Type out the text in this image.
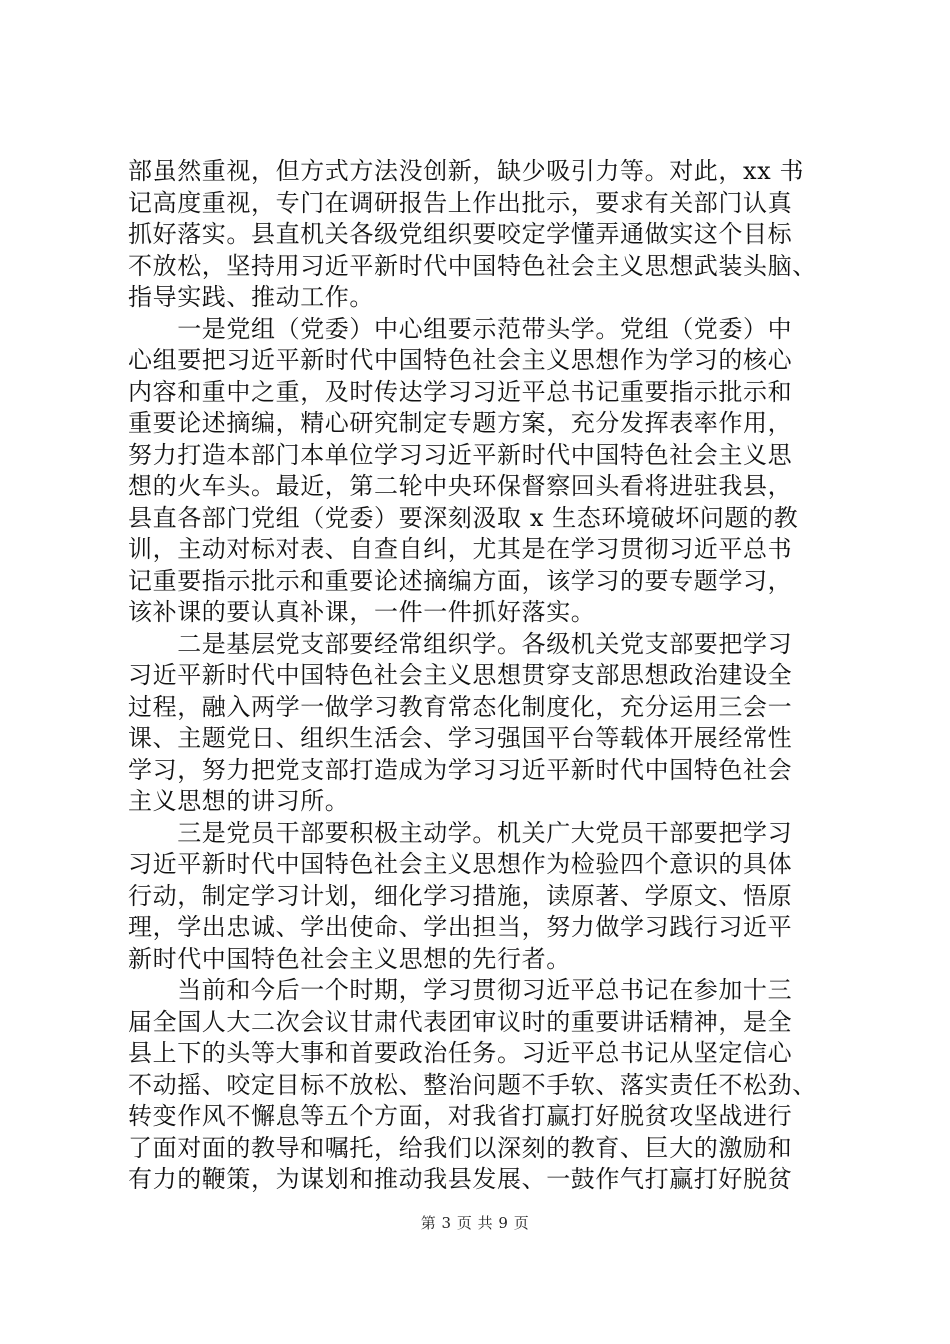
部虽然重视，但方式方法没创新，缺少吸引力等。对此，xx 书
记高度重视，专门在调研报告上作出批示，要求有关部门认真
抓好落实。县直机关各级党组织要咬定学懂弄通做实这个目标
不放松，坚持用习近平新时代中国特色社会主义思想武装头脑、
指导实践、推动工作。
　　一是党组（党委）中心组要示范带头学。党组（党委）中
心组要把习近平新时代中国特色社会主义思想作为学习的核心
内容和重中之重，及时传达学习习近平总书记重要指示批示和
重要论述摘编，精心研究制定专题方案，充分发挥表率作用，
努力打造本部门本单位学习习近平新时代中国特色社会主义思
想的火车头。最近，第二轮中央环保督察回头看将进驻我县，
县直各部门党组（党委）要深刻汲取 x 生态环境破坏问题的教
训，主动对标对表、自查自纠，尤其是在学习贯彻习近平总书
记重要指示批示和重要论述摘编方面，该学习的要专题学习，
该补课的要认真补课，一件一件抓好落实。
　　二是基层党支部要经常组织学。各级机关党支部要把学习
习近平新时代中国特色社会主义思想贯穿支部思想政治建设全
过程，融入两学一做学习教育常态化制度化，充分运用三会一
课、主题党日、组织生活会、学习强国平台等载体开展经常性
学习，努力把党支部打造成为学习习近平新时代中国特色社会
主义思想的讲习所。
　　三是党员干部要积极主动学。机关广大党员干部要把学习
习近平新时代中国特色社会主义思想作为检验四个意识的具体
行动，制定学习计划，细化学习措施，读原著、学原文、悟原
理，学出忠诚、学出使命、学出担当，努力做学习践行习近平
新时代中国特色社会主义思想的先行者。
　　当前和今后一个时期，学习贯彻习近平总书记在参加十三
届全国人大二次会议甘肃代表团审议时的重要讲话精神，是全
县上下的头等大事和首要政治任务。习近平总书记从坚定信心
不动摇、咬定目标不放松、整治问题不手软、落实责任不松劲、
转变作风不懈息等五个方面，对我省打赢打好脱贫攻坚战进行
了面对面的教导和嘱托，给我们以深刻的教育、巨大的激励和
有力的鞭策，为谋划和推动我县发展、一鼓作气打赢打好脱贫
第 3 页 共 9 页
